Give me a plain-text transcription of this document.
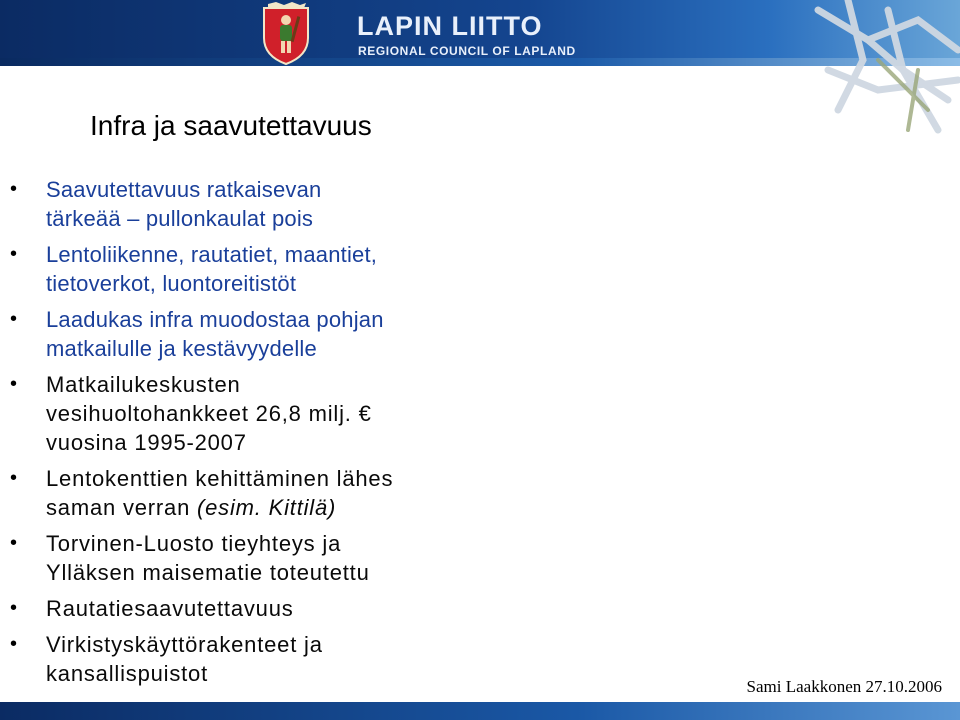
LAPIN LIITTO
REGIONAL COUNCIL OF LAPLAND
Infra ja saavutettavuus
• Saavutettavuus ratkaisevan
tärkeää – pullonkaulat pois
• Lentoliikenne, rautatiet, maantiet,
tietoverkot, luontoreitistöt
• Laadukas infra muodostaa pohjan
matkailulle ja kestävyydelle
• Matkailukeskusten
vesihuoltohankkeet 26,8 milj. €
vuosina 1995-2007
• Lentokenttien kehittäminen lähes
saman verran (esim. Kittilä)
• Torvinen-Luosto tieyhteys ja
Ylläksen maisematie toteutettu
• Rautatiesaavutettavuus
• Virkistyskäyttörakenteet ja
kansallispuistot
Sami Laakkonen 27.10.2006
